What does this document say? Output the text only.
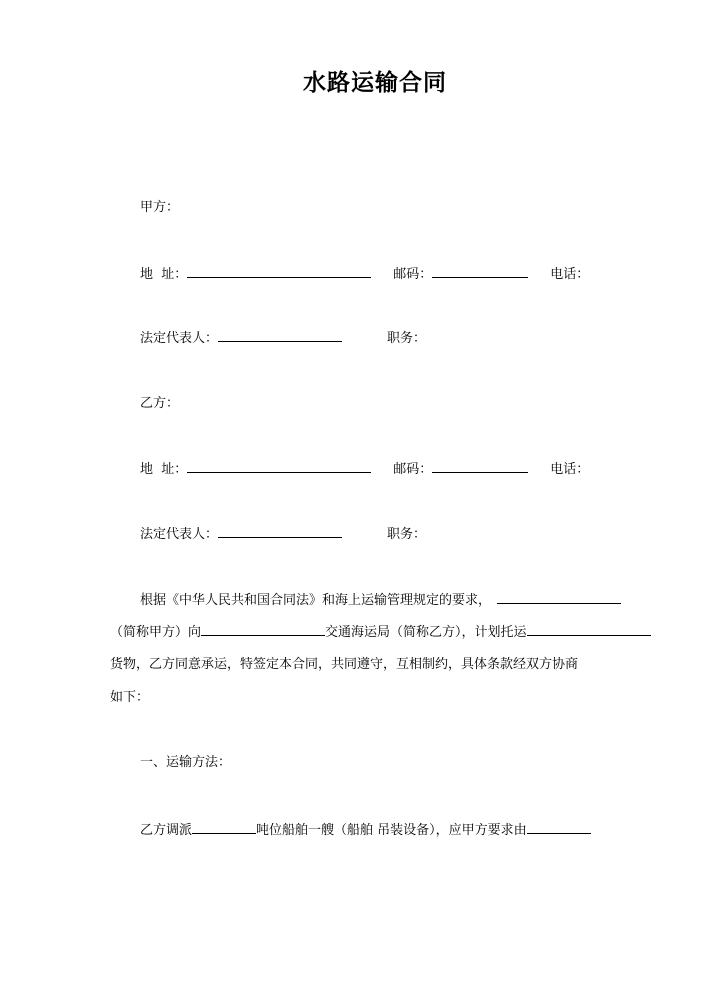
水路运输合同
甲方：
地  址：	邮码：	电话：
法定代表人：	职务：
乙方：
地  址：	邮码：	电话：
法定代表人：	职务：
根据《中华人民共和国合同法》和海上运输管理规定的要求，
（简称甲方）向	交通海运局（简称乙方），计划托运
货物，乙方同意承运，特签定本合同，共同遵守，互相制约，具体条款经双方协商
如下：
一、运输方法：
乙方调派	吨位船舶一艘（船舶 吊装设备），应甲方要求由
